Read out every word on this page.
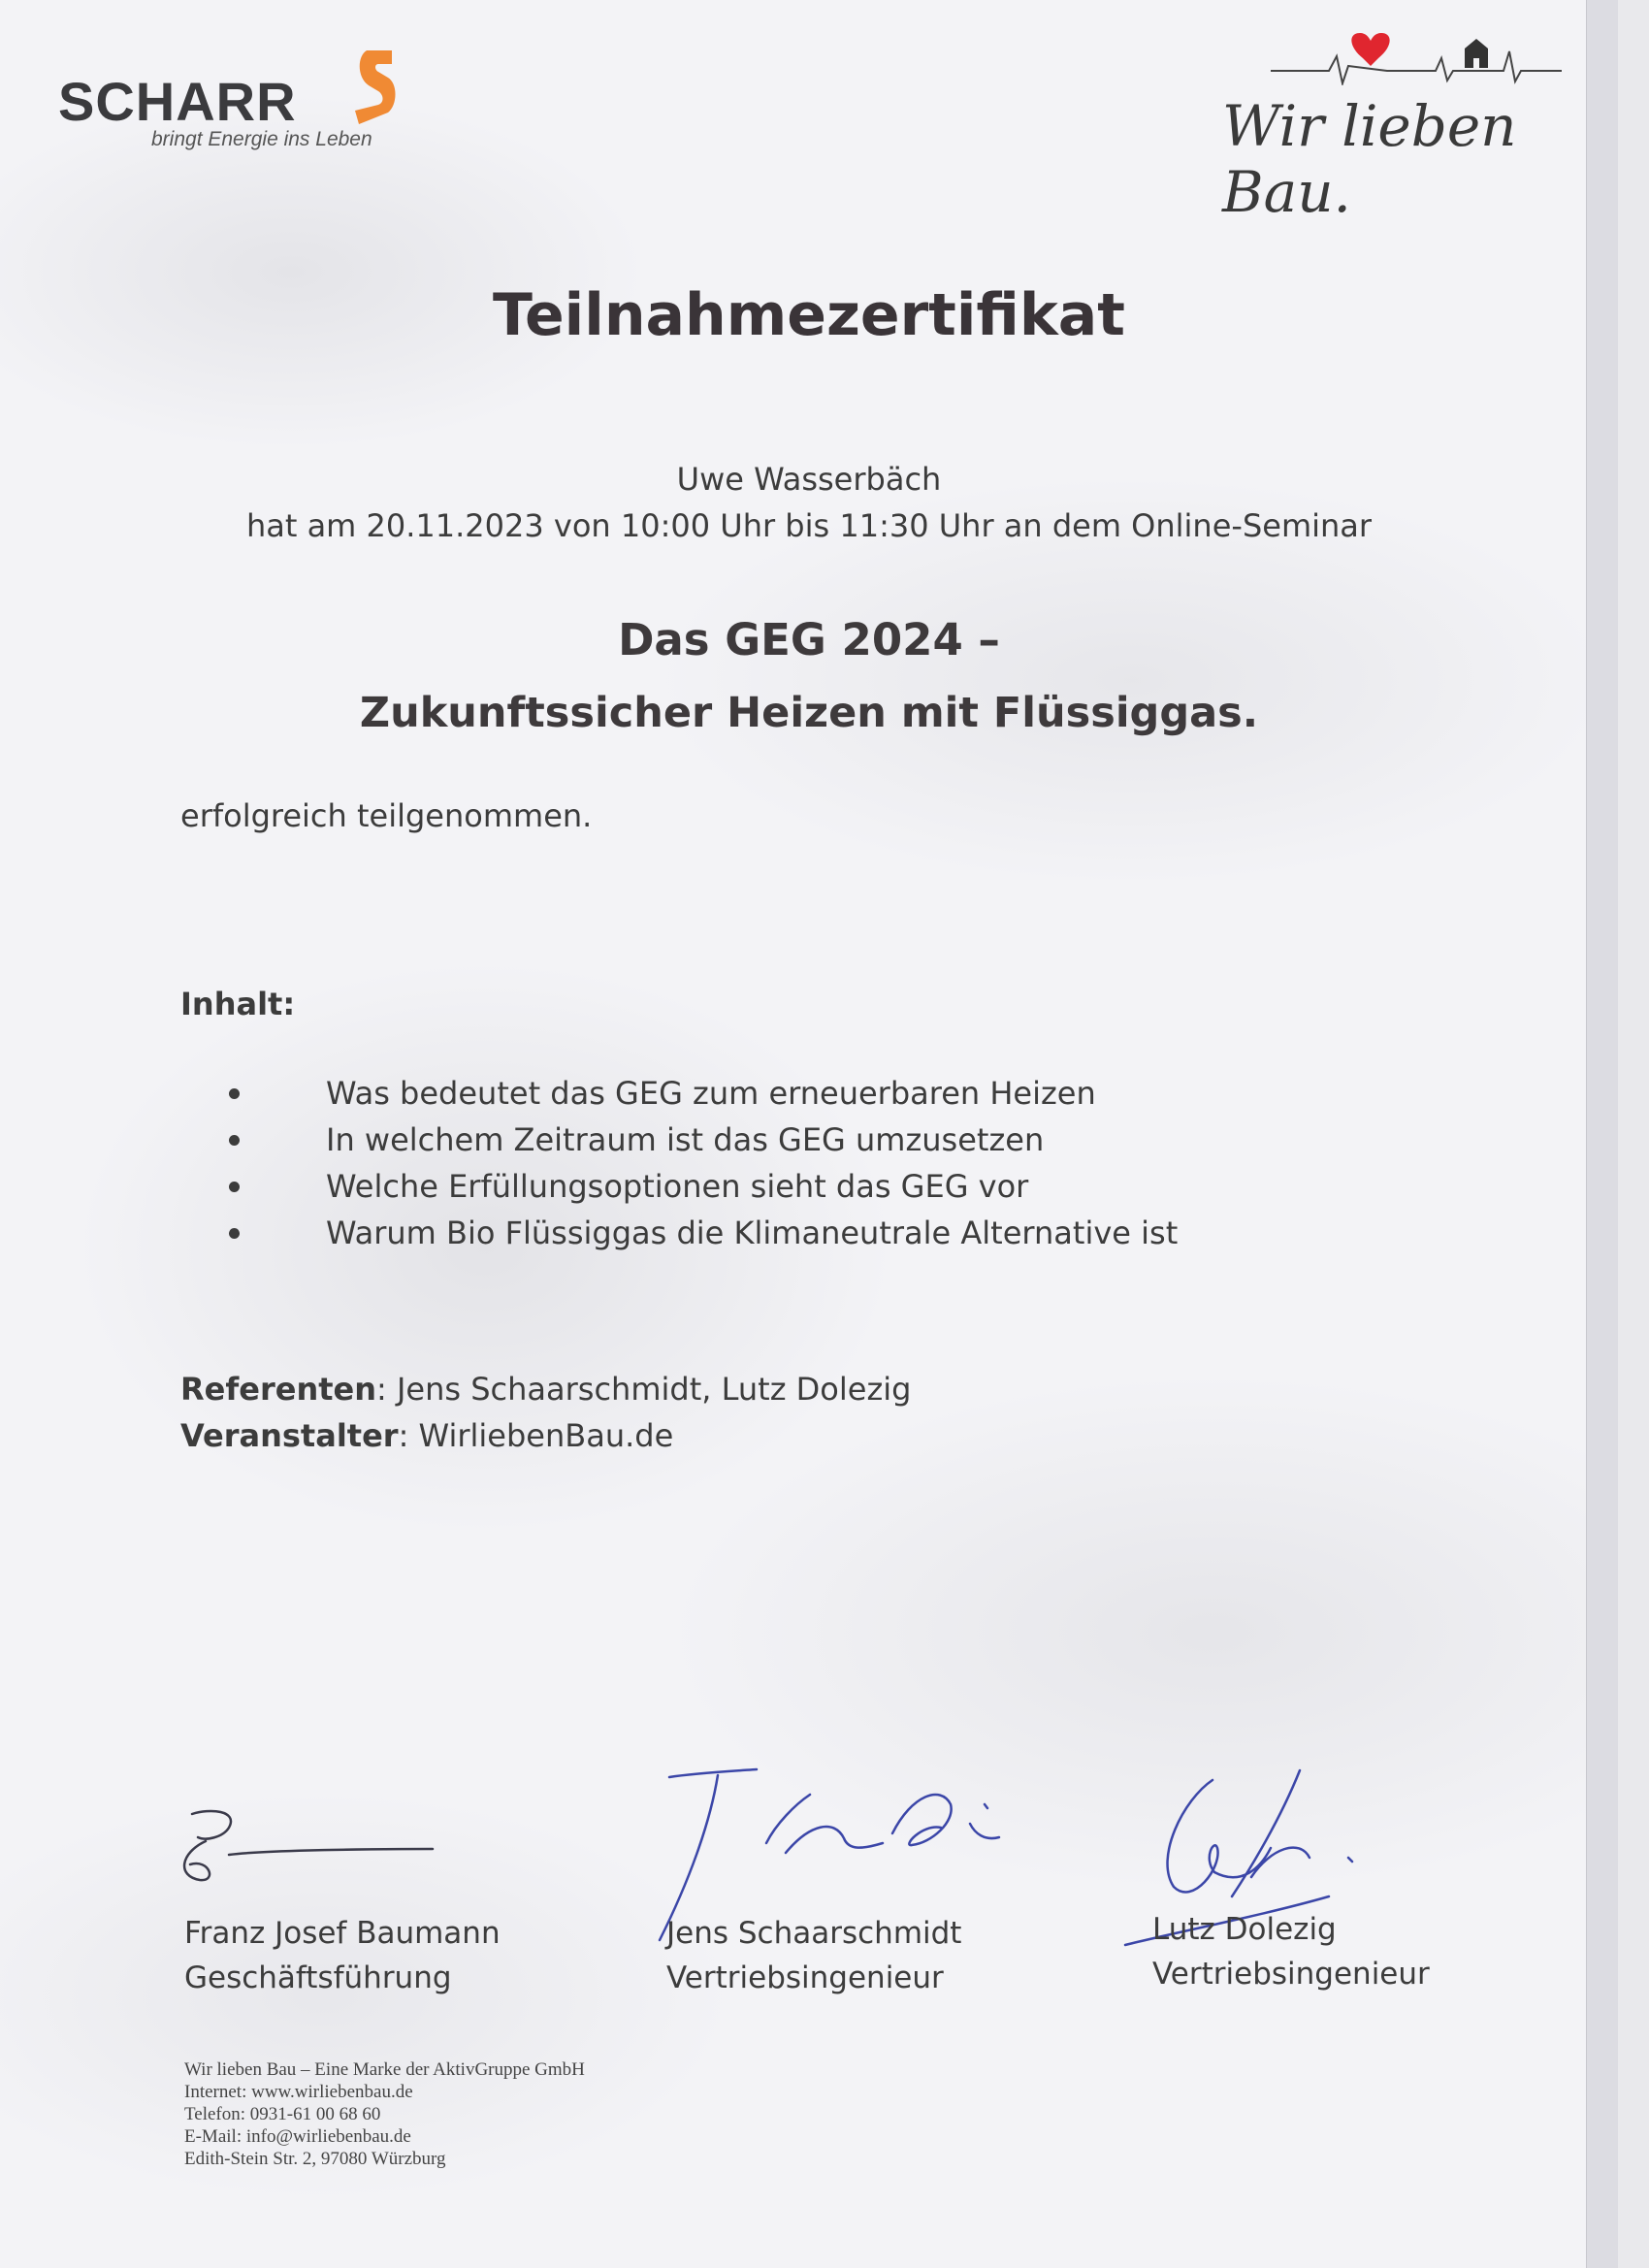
SCHARR
bringt Energie ins Leben	Wir lieben Bau.
Teilnahmezertifikat
Uwe Wasserbäch
hat am 20.11.2023 von 10:00 Uhr bis 11:30 Uhr an dem Online-Seminar
Das GEG 2024 –
Zukunftssicher Heizen mit Flüssiggas.
erfolgreich teilgenommen.
Inhalt:
Was bedeutet das GEG zum erneuerbaren Heizen
In welchem Zeitraum ist das GEG umzusetzen
Welche Erfüllungsoptionen sieht das GEG vor
Warum Bio Flüssiggas die Klimaneutrale Alternative ist
Referenten: Jens Schaarschmidt, Lutz Dolezig
Veranstalter: WirliebenBau.de
Franz Josef Baumann
Geschäftsführung
Jens Schaarschmidt
Vertriebsingenieur
Lutz Dolezig
Vertriebsingenieur
Wir lieben Bau – Eine Marke der AktivGruppe GmbH
Internet: www.wirliebenbau.de
Telefon: 0931-61 00 68 60
E-Mail: info@wirliebenbau.de
Edith-Stein Str. 2, 97080 Würzburg
